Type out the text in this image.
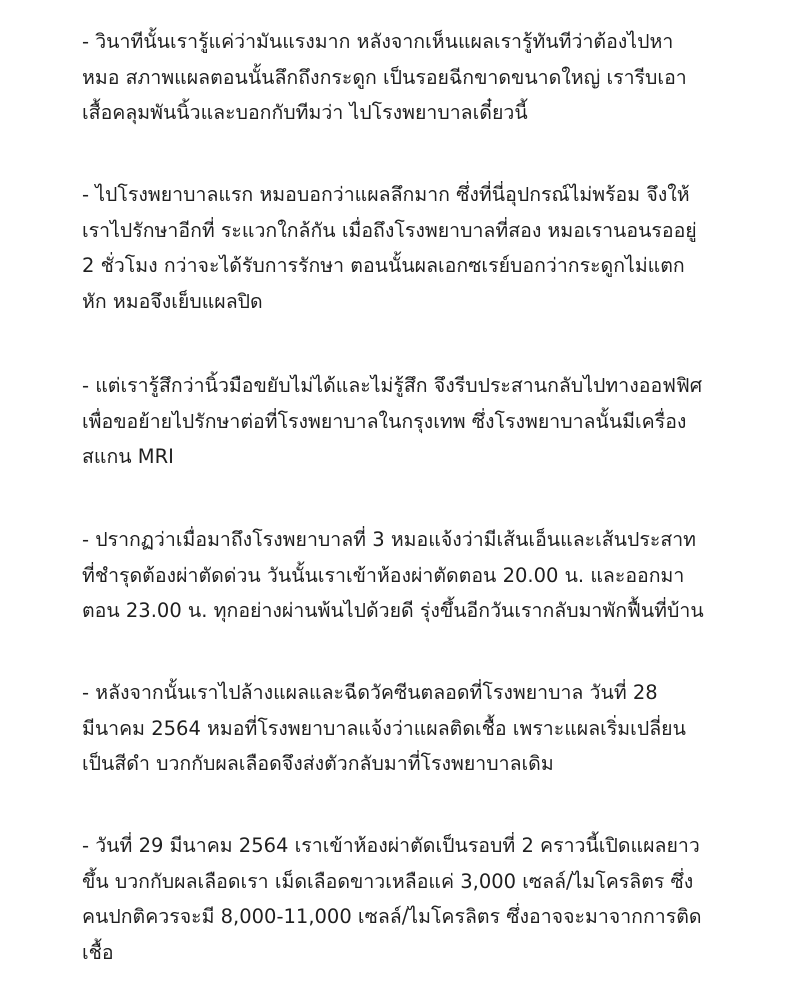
- วินาทีนั้นเรารู้แค่ว่ามันแรงมาก หลังจากเห็นแผลเรารู้ทันทีว่าต้องไปหา
หมอ สภาพแผลตอนนั้นลึกถึงกระดูก เป็นรอยฉีกขาดขนาดใหญ่ เรารีบเอา
เสื้อคลุมพันนิ้วและบอกกับทีมว่า ไปโรงพยาบาลเดี๋ยวนี้

- ไปโรงพยาบาลแรก หมอบอกว่าแผลลึกมาก ซึ่งที่นี่อุปกรณ์ไม่พร้อม จึงให้
เราไปรักษาอีกที่ ระแวกใกล้กัน เมื่อถึงโรงพยาบาลที่สอง หมอเรานอนรออยู่
2 ชั่วโมง กว่าจะได้รับการรักษา ตอนนั้นผลเอกซเรย์บอกว่ากระดูกไม่แตก
หัก หมอจึงเย็บแผลปิด

- แต่เรารู้สึกว่านิ้วมือขยับไม่ได้และไม่รู้สึก จึงรีบประสานกลับไปทางออฟฟิศ
เพื่อขอย้ายไปรักษาต่อที่โรงพยาบาลในกรุงเทพ ซึ่งโรงพยาบาลนั้นมีเครื่อง
สแกน MRI

- ปรากฏว่าเมื่อมาถึงโรงพยาบาลที่ 3 หมอแจ้งว่ามีเส้นเอ็นและเส้นประสาท
ที่ชำรุดต้องผ่าตัดด่วน วันนั้นเราเข้าห้องผ่าตัดตอน 20.00 น. และออกมา
ตอน 23.00 น. ทุกอย่างผ่านพ้นไปด้วยดี รุ่งขึ้นอีกวันเรากลับมาพักฟื้นที่บ้าน

- หลังจากนั้นเราไปล้างแผลและฉีดวัคซีนตลอดที่โรงพยาบาล วันที่ 28
มีนาคม 2564 หมอที่โรงพยาบาลแจ้งว่าแผลติดเชื้อ เพราะแผลเริ่มเปลี่ยน
เป็นสีดำ บวกกับผลเลือดจึงส่งตัวกลับมาที่โรงพยาบาลเดิม

- วันที่ 29 มีนาคม 2564 เราเข้าห้องผ่าตัดเป็นรอบที่ 2 คราวนี้เปิดแผลยาว
ขึ้น บวกกับผลเลือดเรา เม็ดเลือดขาวเหลือแค่ 3,000 เซลล์/ไมโครลิตร ซึ่ง
คนปกติควรจะมี 8,000-11,000 เซลล์/ไมโครลิตร ซึ่งอาจจะมาจากการติด
เชื้อ
